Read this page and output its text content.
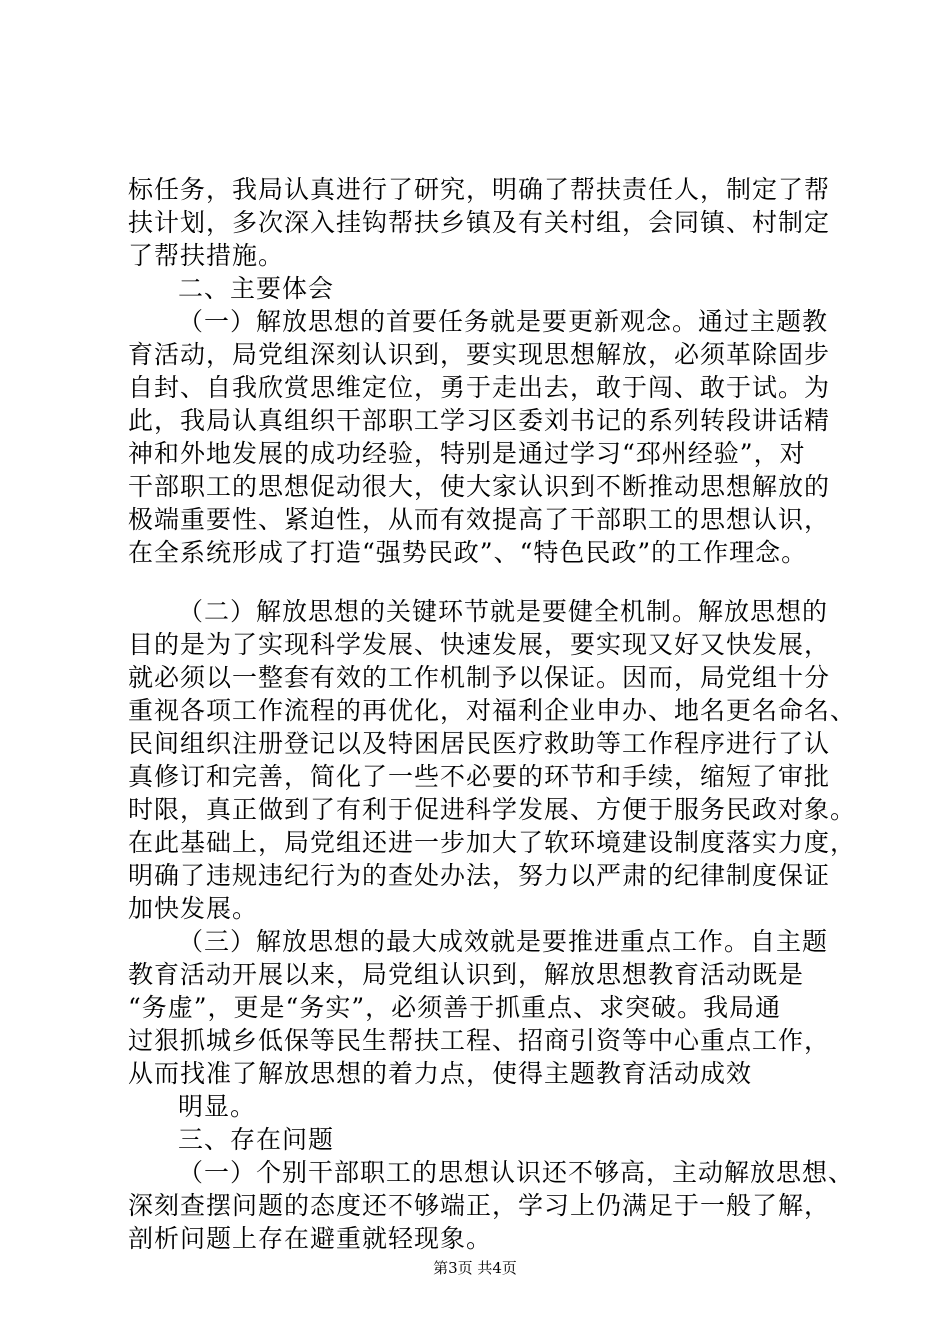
标任务，我局认真进行了研究，明确了帮扶责任人，制定了帮
扶计划，多次深入挂钩帮扶乡镇及有关村组，会同镇、村制定
了帮扶措施。
二、主要体会
（一）解放思想的首要任务就是要更新观念。通过主题教
育活动，局党组深刻认识到，要实现思想解放，必须革除固步
自封、自我欣赏思维定位，勇于走出去，敢于闯、敢于试。为
此，我局认真组织干部职工学习区委刘书记的系列转段讲话精
神和外地发展的成功经验，特别是通过学习“邳州经验”，对
干部职工的思想促动很大，使大家认识到不断推动思想解放的
极端重要性、紧迫性，从而有效提高了干部职工的思想认识，
在全系统形成了打造“强势民政”、“特色民政”的工作理念。
（二）解放思想的关键环节就是要健全机制。解放思想的
目的是为了实现科学发展、快速发展，要实现又好又快发展，
就必须以一整套有效的工作机制予以保证。因而，局党组十分
重视各项工作流程的再优化，对福利企业申办、地名更名命名、
民间组织注册登记以及特困居民医疗救助等工作程序进行了认
真修订和完善，简化了一些不必要的环节和手续，缩短了审批
时限，真正做到了有利于促进科学发展、方便于服务民政对象。
在此基础上，局党组还进一步加大了软环境建设制度落实力度，
明确了违规违纪行为的查处办法，努力以严肃的纪律制度保证
加快发展。
（三）解放思想的最大成效就是要推进重点工作。自主题
教育活动开展以来，局党组认识到，解放思想教育活动既是
“务虚”，更是“务实”，必须善于抓重点、求突破。我局通
过狠抓城乡低保等民生帮扶工程、招商引资等中心重点工作，
从而找准了解放思想的着力点，使得主题教育活动成效
明显。
三、存在问题
（一）个别干部职工的思想认识还不够高，主动解放思想、
深刻查摆问题的态度还不够端正，学习上仍满足于一般了解，
剖析问题上存在避重就轻现象。
第3页 共4页
